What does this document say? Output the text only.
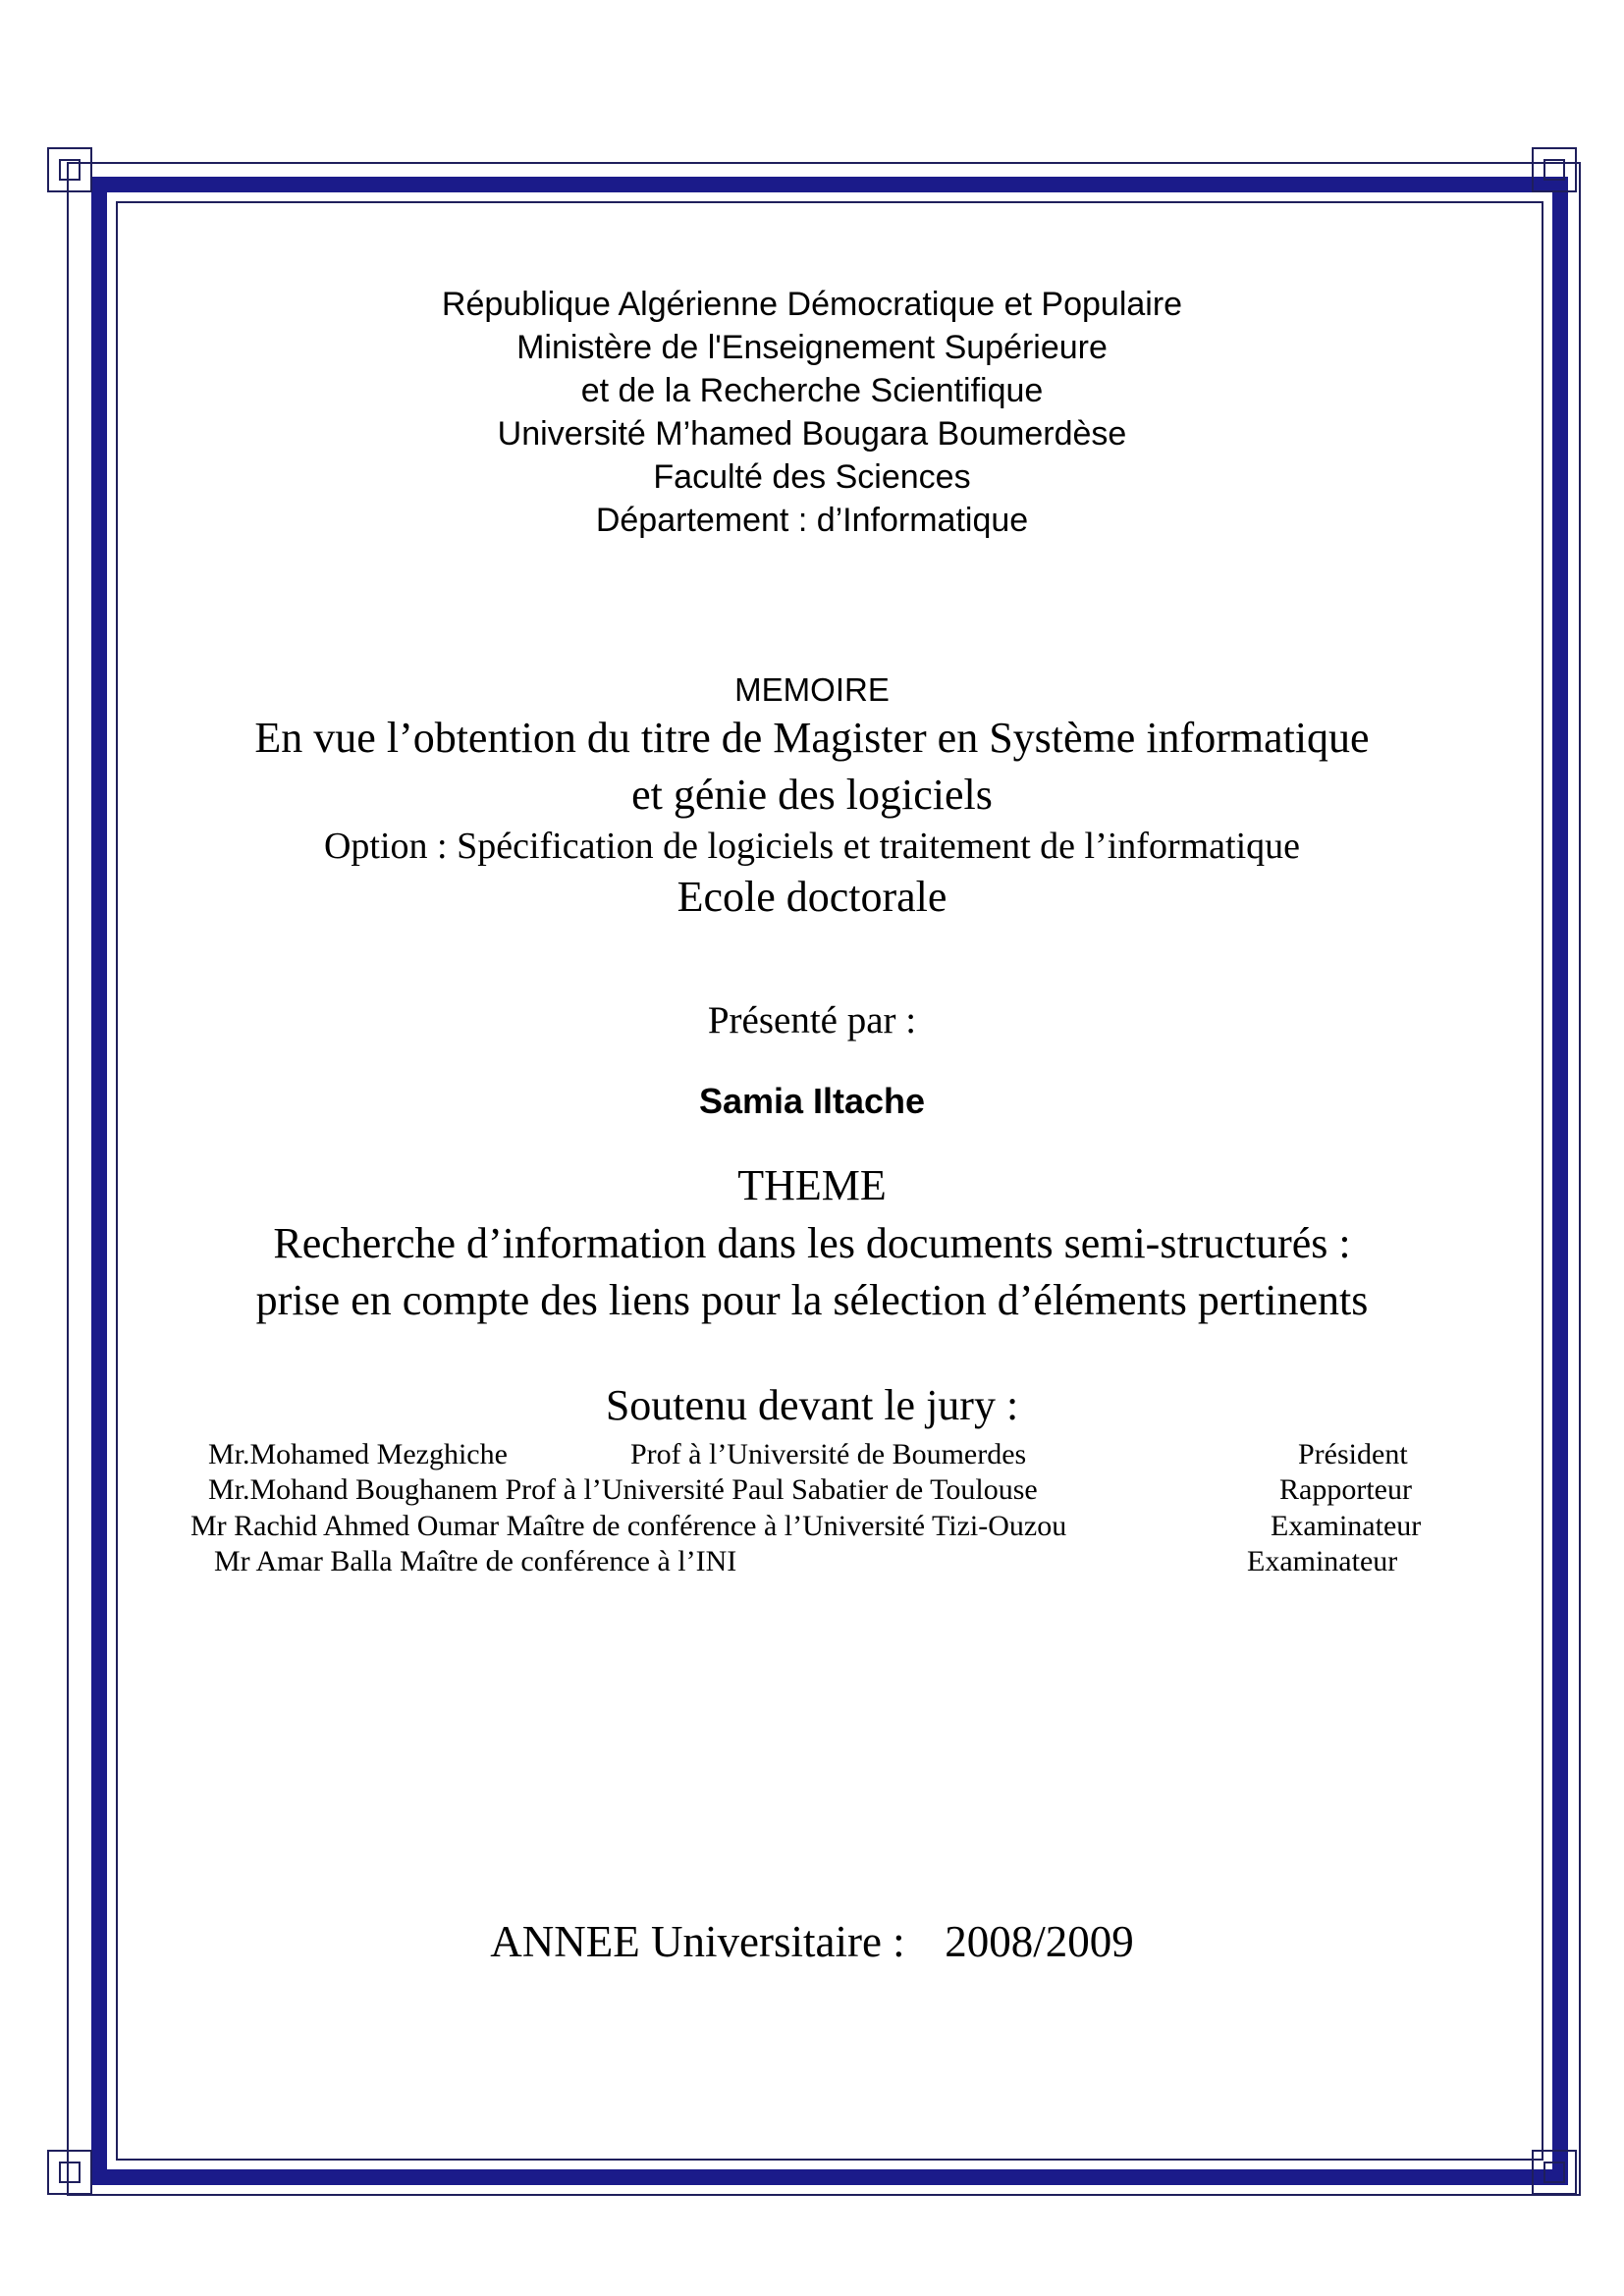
République Algérienne Démocratique et Populaire
Ministère de l'Enseignement Supérieure
et de la Recherche Scientifique
Université M’hamed Bougara Boumerdèse
Faculté des Sciences
Département : d’Informatique
MEMOIRE
En vue l’obtention du titre de Magister en Système informatique
et génie des logiciels
Option : Spécification de logiciels et traitement de l’informatique
Ecole doctorale
Présenté par :
Samia Iltache
THEME
Recherche d’information dans les documents semi-structurés :
prise en compte des liens pour la sélection d’éléments pertinents
Soutenu devant le jury :
Mr.Mohamed Mezghiche	Prof à l’Université de Boumerdes	Président
Mr.Mohand Boughanem Prof à l’Université Paul Sabatier de Toulouse	Rapporteur
Mr Rachid Ahmed Oumar Maître de conférence à l’Université Tizi-Ouzou	Examinateur
Mr Amar Balla Maître de conférence à l’INI	Examinateur
ANNEE Universitaire : 2008/2009
